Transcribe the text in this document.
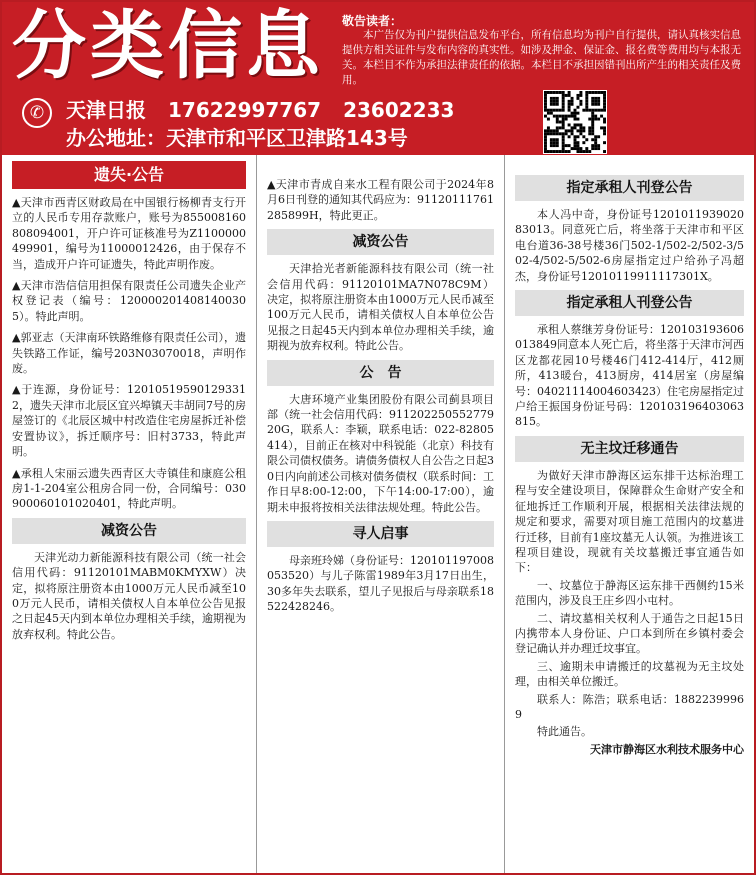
分类信息 敬告读者：
本广告仅为刊户提供信息发布平台，所有信息均为刊户自行提供，请认真核实信息提供方相关证件与发布内容的真实性。如涉及押金、保证金、报名费等费用均与本报无关。本栏目不作为承担法律责任的依据。本栏目不承担因错刊出所产生的相关责任及费用。
✆	天津日报 17622997767 23602233
办公地址：天津市和平区卫津路143号
遗失·公告

▲天津市西青区财政局在中国银行杨柳青支行开立的人民币专用存款账户，账号为855008160808094001，开户许可证核准号为Z1100000499901，编号为11000012426，由于保存不当，造成开户许可证遗失，特此声明作废。

▲天津市浩信信用担保有限责任公司遗失企业产权登记表（编号：120000201408140030​5）。特此声明。

▲郭亚志（天津南环铁路维修有限责任公司），遗失铁路工作证，编号203N03070018，声明作废。

▲于连源，身份证号：120105195901293312，遗失天津市北辰区宜兴埠镇天丰胡同7号的房屋签订的《北辰区城中村改造住宅房屋拆迁补偿安置协议》，拆迁顺序号：旧村3733，特此声明。

▲承租人宋丽云遗失西青区大寺镇佳和康庭公租房1-1-204室公租房合同一份，合同编号：030900060101020401，特此声明。

减资公告

天津光动力新能源科技有限公司（统一社会信用代码：91120101MABM0KMYXW）决定，拟将原注册资本由1000万元人民币减至100万元人民币，请相关债权人自本单位公告见报之日起45天内到本单位办理相关手续，逾期视为放弃权利。特此公告。

▲天津市青成自来水工程有限公司于2024年8月6日刊登的通知其代码应为：91120111761285899H，特此更正。

减资公告

天津拾光者新能源科技有限公司（统一社会信用代码：91120101MA7N078C9M）决定，拟将原注册资本由1000万元人民币减至100万元人民币，请相关债权人自本单位公告见报之日起45天内到本单位办理相关手续，逾期视为放弃权利。特此公告。

公　告

大唐环境产业集团股份有限公司蓟县项目部（统一社会信用代码：91120225055277920G，联系人：李颖，联系电话：022-82805414），目前正在核对中科锐能（北京）科技有限公司债权债务。请债务债权人自公告之日起30日内向前述公司核对债务债权（联系时间：工作日早8:00-12:00，下午14:00-17:00），逾期未申报将按相关法律法规处理。特此公告。

寻人启事

母亲班玲娣（身份证号：120101197008053520）与儿子陈雷1989年3月17日出生，30多年失去联系，望儿子见报后与母亲联系18522428246。

指定承租人刊登公告

本人冯中奇，身份证号120101193902083013。同意死亡后，将坐落于天津市和平区电台道36-38号楼36门502-1/502-2/502-3/502-4/502-5/502-6房屋指定过户给孙子冯超杰，身份证号120101199111173​01X。

指定承租人刊登公告

承租人蔡继芳身份证号：120103193606013849同意本人死亡后，将坐落于天津市河西区龙都花园10号楼46门412-414厅，412厕所，413暖台，413厨房，414居室（房屋编号：04021114004603423）住宅房屋指定过户给王振国身份证号码：120103196403063815。

无主坟迁移通告

为做好天津市静海区运东排干达标治理工程与安全建设项目，保障群众生命财产安全和征地拆迁工作顺利开展，根据相关法律法规的规定和要求，需要对项目施工范围内的坟墓进行迁移，目前有1座坟墓无人认领。为推进该工程项目建设，现就有关坟墓搬迁事宜通告如下：

一、坟墓位于静海区运东排干西侧约15米范围内，涉及良王庄乡四小屯村。

二、请坟墓相关权利人于通告之日起15日内携带本人身份证、户口本到所在乡镇村委会登记确认并办理迁坟事宜。

三、逾期未申请搬迁的坟墓视为无主坟处理，由相关单位搬迁。

联系人：陈浩；联系电话：18822399969

特此通告。

天津市静海区水利技术服务中心
